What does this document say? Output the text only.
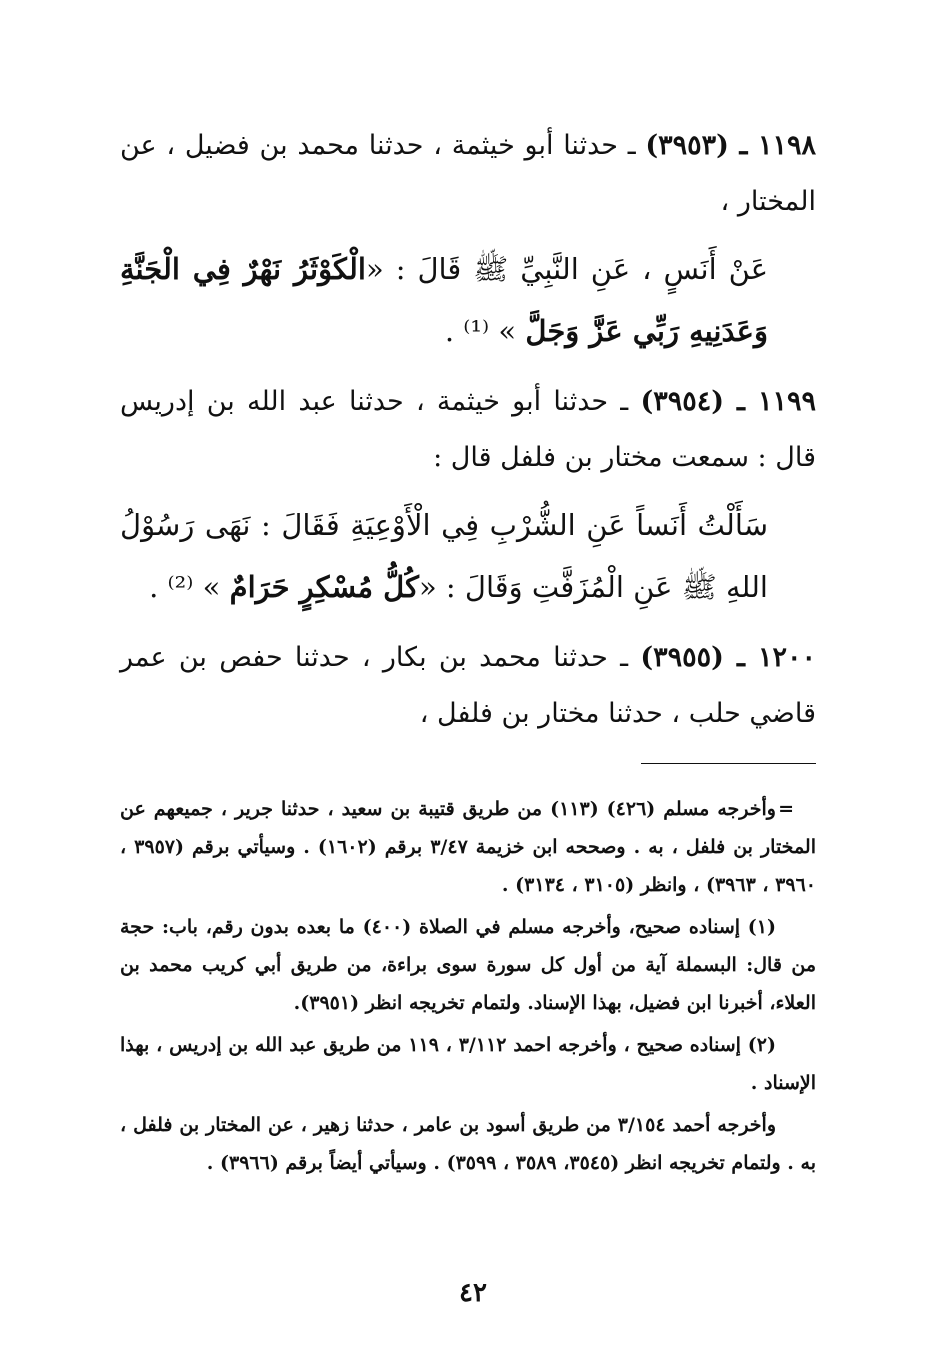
١١٩٨ ـ (٣٩٥٣) ـ حدثنا أبو خيثمة ، حدثنا محمد بن فضيل ، عن المختار ،

عَنْ أَنَسٍ ، عَنِ النَّبِيِّ ﷺ قَالَ : «الْكَوْثَرُ نَهْرٌ فِي الْجَنَّةِ وَعَدَنِيهِ رَبِّي عَزَّ وَجَلَّ » ⁽¹⁾ .

١١٩٩ ـ (٣٩٥٤) ـ حدثنا أبو خيثمة ، حدثنا عبد الله بن إدريس قال : سمعت مختار بن فلفل قال :

سَأَلْتُ أَنَساً عَنِ الشُّرْبِ فِي الْأَوْعِيَةِ فَقَالَ : نَهَى رَسُوْلُ اللهِ ﷺ عَنِ الْمُزَفَّتِ وَقَالَ : «كُلُّ مُسْكِرٍ حَرَامٌ » ⁽²⁾ .

١٢٠٠ ـ (٣٩٥٥) ـ حدثنا محمد بن بكار ، حدثنا حفص بن عمر قاضي حلب ، حدثنا مختار بن فلفل ،

=
وأخرجه مسلم (٤٢٦) (١١٣) من طريق قتيبة بن سعيد ، حدثنا جرير ، جميعهم عن المختار بن فلفل ، به . وصححه ابن خزيمة ٣/٤٧ برقم (١٦٠٢) . وسيأتي برقم (٣٩٥٧ ، ٣٩٦٠ ، ٣٩٦٣) ، وانظر (٣١٠٥ ، ٣١٣٤) .

(١) إسناده صحيح، وأخرجه مسلم في الصلاة (٤٠٠) ما بعده بدون رقم، باب: حجة من قال: البسملة آية من أول كل سورة سوى براءة، من طريق أبي كريب محمد بن العلاء، أخبرنا ابن فضيل، بهذا الإسناد. ولتمام تخريجه انظر (٣٩٥١).

(٢) إسناده صحيح ، وأخرجه احمد ٣/١١٢ ، ١١٩ من طريق عبد الله بن إدريس ، بهذا الإسناد .

وأخرجه أحمد ٣/١٥٤ من طريق أسود بن عامر ، حدثنا زهير ، عن المختار بن فلفل ، به . ولتمام تخريجه انظر (٣٥٤٥، ٣٥٨٩ ، ٣٥٩٩) . وسيأتي أيضاً برقم (٣٩٦٦) .

٤٢
